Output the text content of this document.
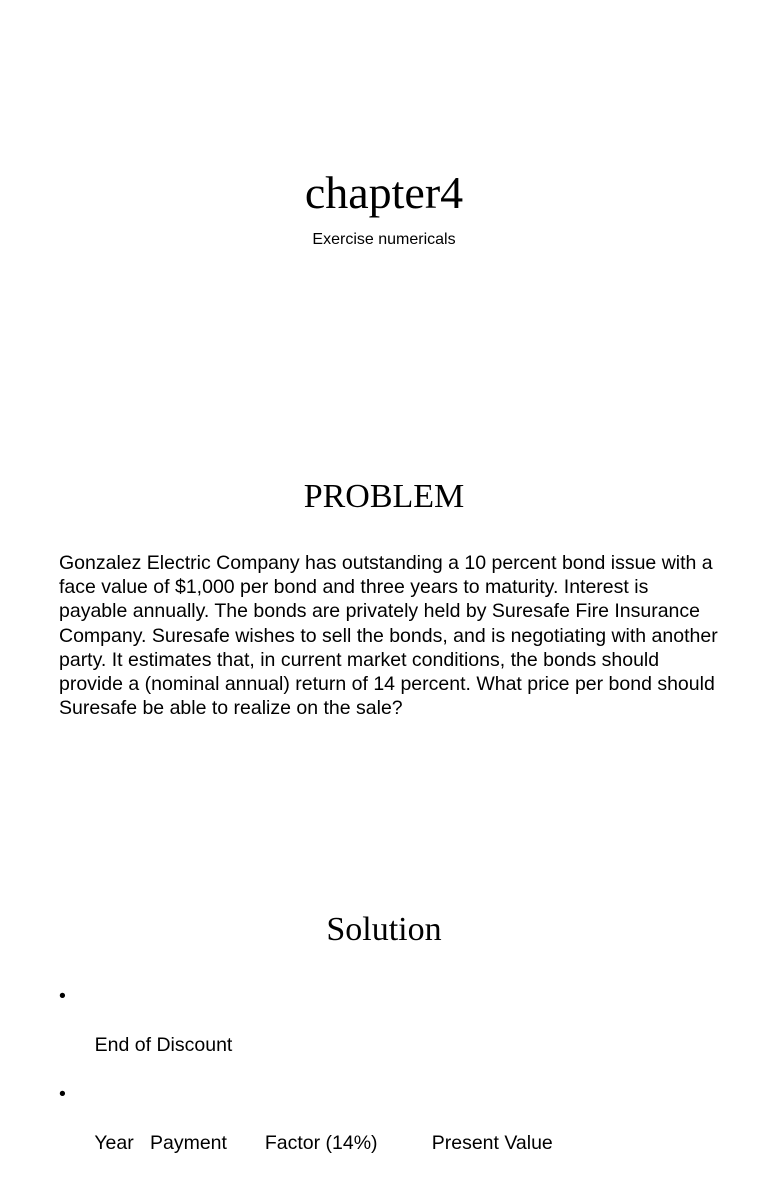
chapter4
Exercise numericals
PROBLEM

Gonzalez Electric Company has outstanding a 10 percent bond issue with a face value of $1,000 per bond and three years to maturity. Interest is payable annually. The bonds are privately held by Suresafe Fire Insurance Company. Suresafe wishes to sell the bonds, and is negotiating with another party. It estimates that, in current market conditions, the bonds should provide a (nominal annual) return of 14 percent. What price per bond should Suresafe be able to realize on the sale?

Solution

•

End of Discount

•

Year   Payment       Factor (14%)          Present Value
